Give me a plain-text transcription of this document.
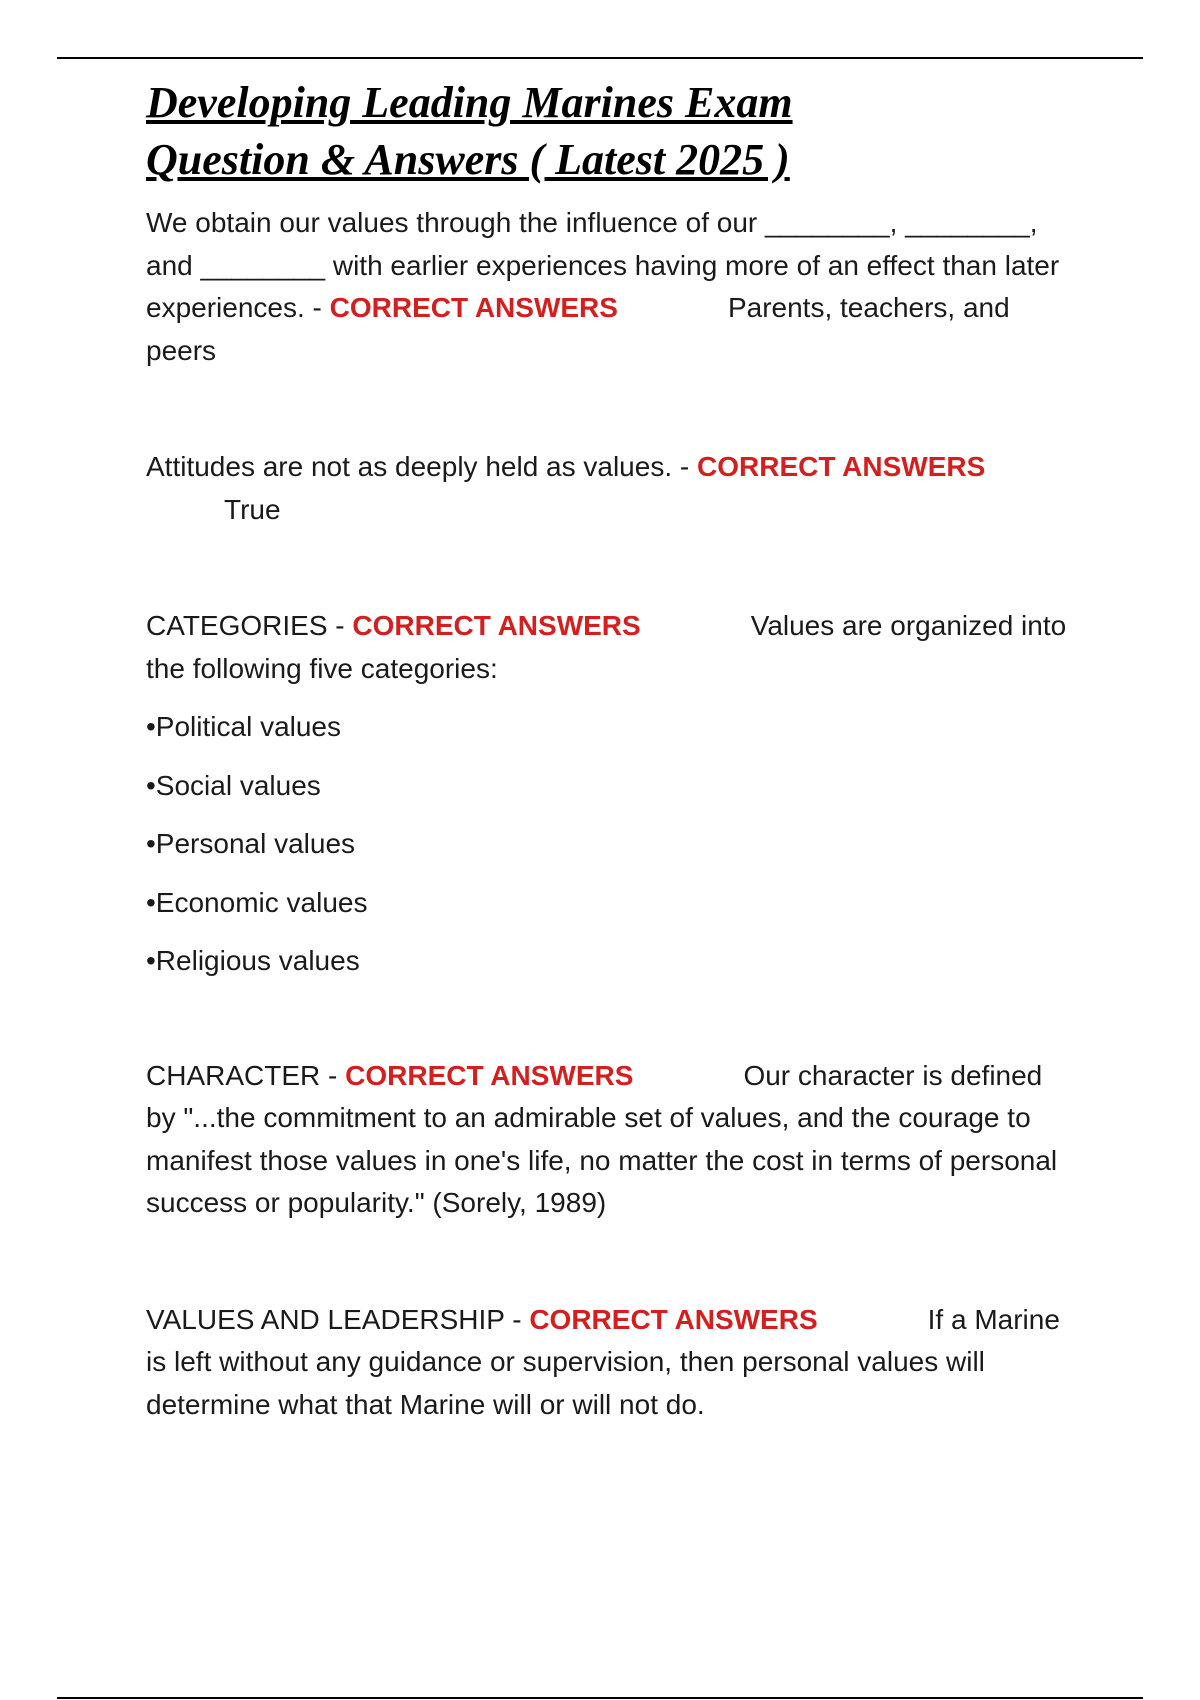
Developing Leading Marines Exam
Question & Answers ( Latest 2025 )

We obtain our values through the influence of our ________, ________, and ________ with earlier experiences having more of an effect than later experiences. - CORRECT ANSWERS	Parents, teachers, and peers

Attitudes are not as deeply held as values. - CORRECT ANSWERS
True

CATEGORIES - CORRECT ANSWERS	Values are organized into the following five categories:

•Political values
•Social values
•Personal values
•Economic values
•Religious values

CHARACTER - CORRECT ANSWERS	Our character is defined by "...the commitment to an admirable set of values, and the courage to manifest those values in one's life, no matter the cost in terms of personal success or popularity." (Sorely, 1989)

VALUES AND LEADERSHIP - CORRECT ANSWERS	If a Marine is left without any guidance or supervision, then personal values will determine what that Marine will or will not do.
